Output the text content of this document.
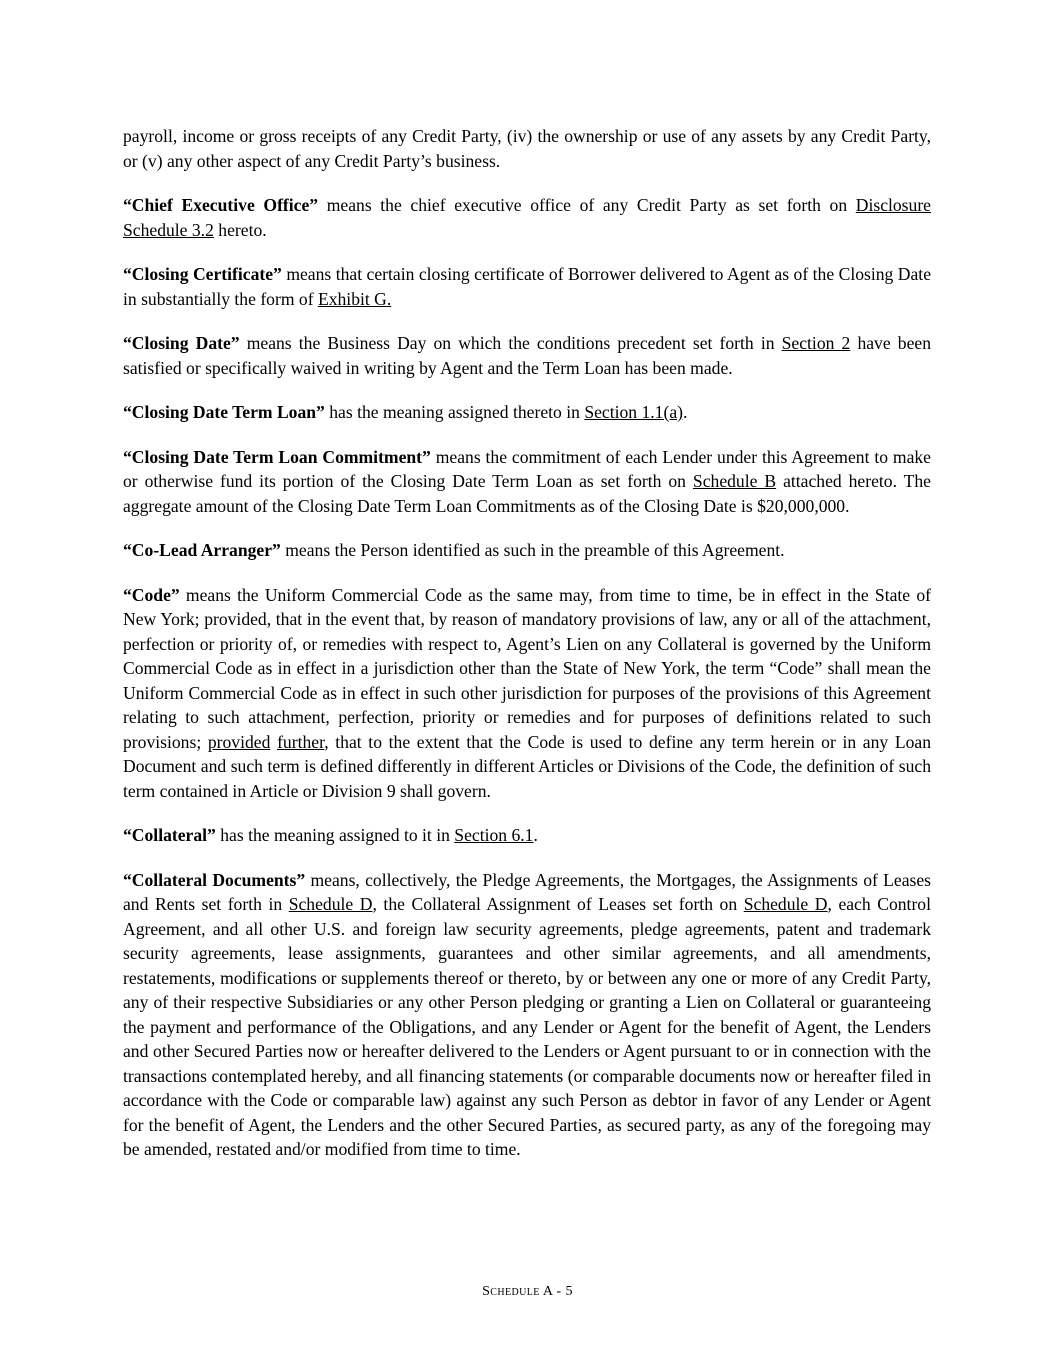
payroll, income or gross receipts of any Credit Party, (iv) the ownership or use of any assets by any Credit Party, or (v) any other aspect of any Credit Party’s business.

“Chief Executive Office” means the chief executive office of any Credit Party as set forth on Disclosure Schedule 3.2 hereto.

“Closing Certificate” means that certain closing certificate of Borrower delivered to Agent as of the Closing Date in substantially the form of Exhibit G.

“Closing Date” means the Business Day on which the conditions precedent set forth in Section 2 have been satisfied or specifically waived in writing by Agent and the Term Loan has been made.

“Closing Date Term Loan” has the meaning assigned thereto in Section 1.1(a).

“Closing Date Term Loan Commitment” means the commitment of each Lender under this Agreement to make or otherwise fund its portion of the Closing Date Term Loan as set forth on Schedule B attached hereto. The aggregate amount of the Closing Date Term Loan Commitments as of the Closing Date is $20,000,000.

“Co-Lead Arranger” means the Person identified as such in the preamble of this Agreement.

“Code” means the Uniform Commercial Code as the same may, from time to time, be in effect in the State of New York; provided, that in the event that, by reason of mandatory provisions of law, any or all of the attachment, perfection or priority of, or remedies with respect to, Agent’s Lien on any Collateral is governed by the Uniform Commercial Code as in effect in a jurisdiction other than the State of New York, the term “Code” shall mean the Uniform Commercial Code as in effect in such other jurisdiction for purposes of the provisions of this Agreement relating to such attachment, perfection, priority or remedies and for purposes of definitions related to such provisions; provided further, that to the extent that the Code is used to define any term herein or in any Loan Document and such term is defined differently in different Articles or Divisions of the Code, the definition of such term contained in Article or Division 9 shall govern.

“Collateral” has the meaning assigned to it in Section 6.1.

“Collateral Documents” means, collectively, the Pledge Agreements, the Mortgages, the Assignments of Leases and Rents set forth in Schedule D, the Collateral Assignment of Leases set forth on Schedule D, each Control Agreement, and all other U.S. and foreign law security agreements, pledge agreements, patent and trademark security agreements, lease assignments, guarantees and other similar agreements, and all amendments, restatements, modifications or supplements thereof or thereto, by or between any one or more of any Credit Party, any of their respective Subsidiaries or any other Person pledging or granting a Lien on Collateral or guaranteeing the payment and performance of the Obligations, and any Lender or Agent for the benefit of Agent, the Lenders and other Secured Parties now or hereafter delivered to the Lenders or Agent pursuant to or in connection with the transactions contemplated hereby, and all financing statements (or comparable documents now or hereafter filed in accordance with the Code or comparable law) against any such Person as debtor in favor of any Lender or Agent for the benefit of Agent, the Lenders and the other Secured Parties, as secured party, as any of the foregoing may be amended, restated and/or modified from time to time.

Schedule A - 5
